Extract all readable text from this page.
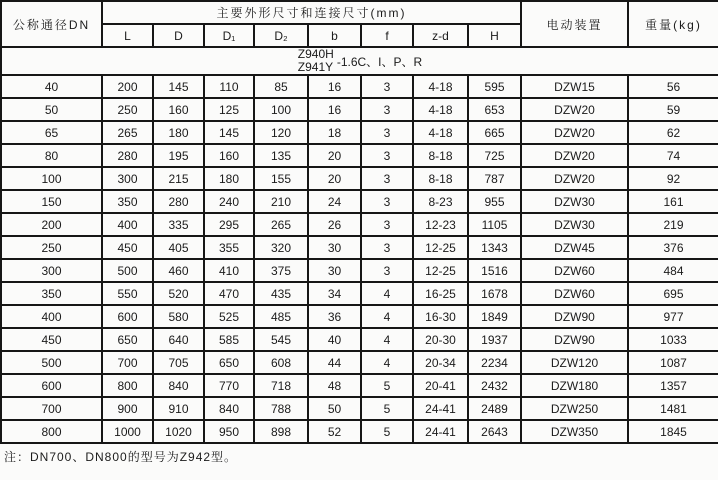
公称通径DN	主要外形尺寸和连接尺寸(mm)								电动装置	重量(kg)
	L	D	D₁	D₂	b	f	z-d	H		

Z940H
Z941Y -1.6C、I、P、R										

40	200	145	110	85	16	3	4-18	595	DZW15	56
50	250	160	125	100	16	3	4-18	653	DZW20	59
65	265	180	145	120	18	3	4-18	665	DZW20	62
80	280	195	160	135	20	3	8-18	725	DZW20	74
100	300	215	180	155	20	3	8-18	787	DZW20	92
150	350	280	240	210	24	3	8-23	955	DZW30	161
200	400	335	295	265	26	3	12-23	1105	DZW30	219
250	450	405	355	320	30	3	12-25	1343	DZW45	376
300	500	460	410	375	30	3	12-25	1516	DZW60	484
350	550	520	470	435	34	4	16-25	1678	DZW60	695
400	600	580	525	485	36	4	16-30	1849	DZW90	977
450	650	640	585	545	40	4	20-30	1937	DZW90	1033
500	700	705	650	608	44	4	20-34	2234	DZW120	1087
600	800	840	770	718	48	5	20-41	2432	DZW180	1357
700	900	910	840	788	50	5	24-41	2489	DZW250	1481
800	1000	1020	950	898	52	5	24-41	2643	DZW350	1845
注：DN700、DN800的型号为Z942型。
